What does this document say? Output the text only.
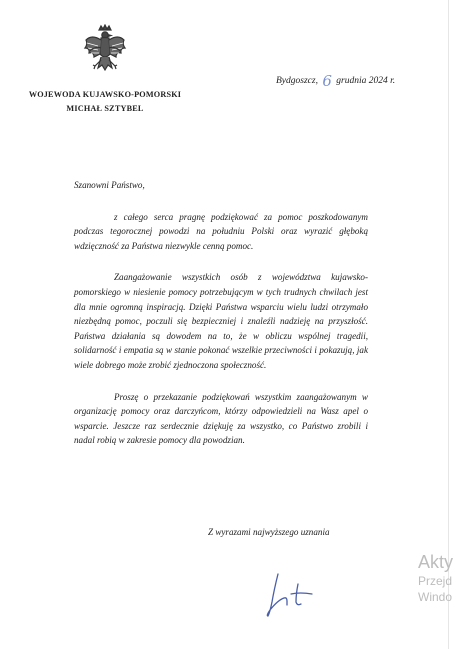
WOJEWODA KUJAWSKO-POMORSKI
MICHAŁ SZTYBEL
Bydgoszcz, 6 grudnia 2024 r.

Szanowni Państwo,

z całego serca pragnę podziękować za pomoc poszkodowanym podczas tegorocznej powodzi na południu Polski oraz wyrazić głęboką wdzięczność za Państwa niezwykle cenną pomoc.

Zaangażowanie wszystkich osób z województwa kujawsko-pomorskiego w niesienie pomocy potrzebującym w tych trudnych chwilach jest dla mnie ogromną inspiracją. Dzięki Państwa wsparciu wielu ludzi otrzymało niezbędną pomoc, poczuli się bezpieczniej i znaleźli nadzieję na przyszłość. Państwa działania są dowodem na to, że w obliczu wspólnej tragedii, solidarność i empatia są w stanie pokonać wszelkie przeciwności i pokazują, jak wiele dobrego może zrobić zjednoczona społeczność.

Proszę o przekazanie podziękowań wszystkim zaangażowanym w organizację pomocy oraz darczyńcom, którzy odpowiedzieli na Wasz apel o wsparcie. Jeszcze raz serdecznie dziękuję za wszystko, co Państwo zrobili i nadal robią w zakresie pomocy dla powodzian.

Z wyrazami najwyższego uznania
Akty
Przejd
Windo
